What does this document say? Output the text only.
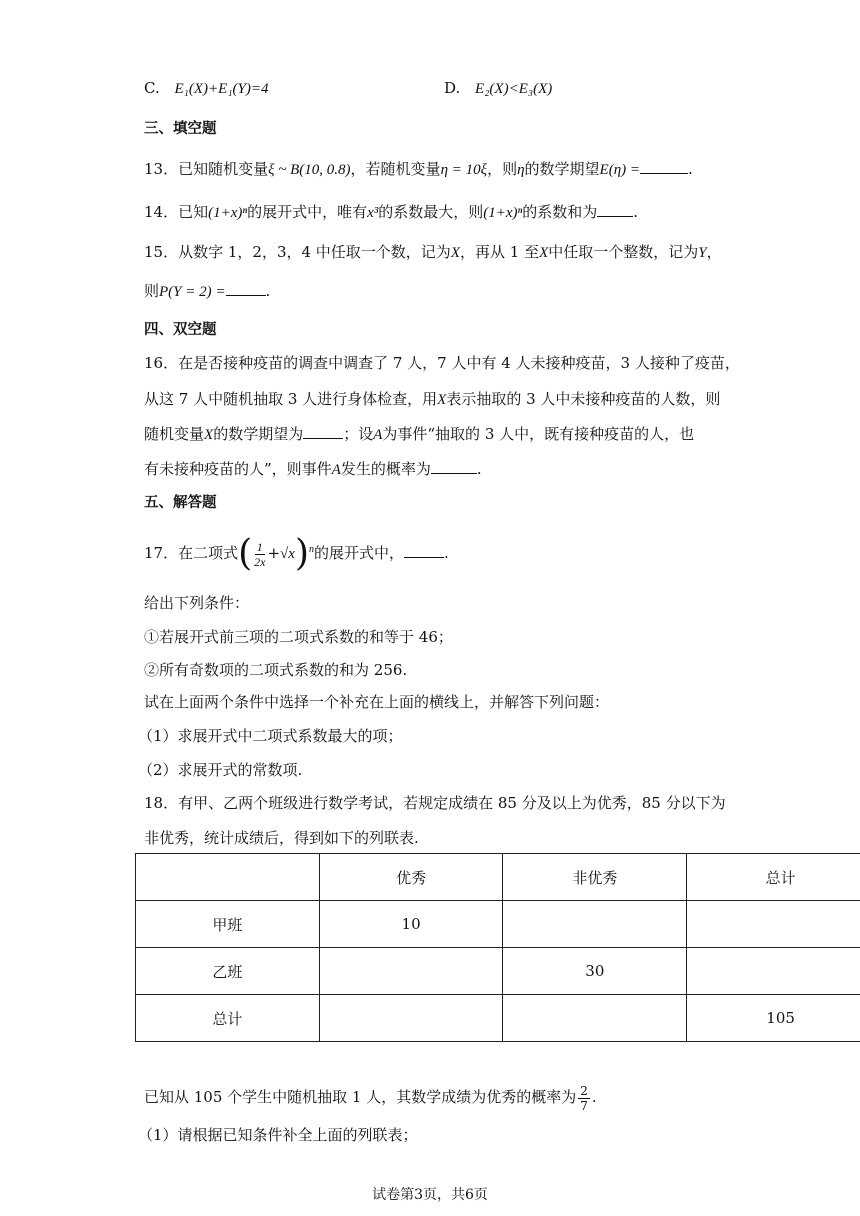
C. E₁(X)+E₁(Y)=4	D. E₂(X)<E₃(X)
三、填空题
13．已知随机变量ξ ~ B(10, 0.8)，若随机变量η = 10ξ，则η的数学期望E(η) =	.
14．已知(1+x)ⁿ的展开式中，唯有x³的系数最大，则(1+x)ⁿ的系数和为 .
15．从数字 1，2，3，4 中任取一个数，记为X，再从 1 至X中任取一个整数，记为Y，
则P(Y = 2) =	.
四、双空题
16．在是否接种疫苗的调查中调查了 7 人，7 人中有 4 人未接种疫苗，3 人接种了疫苗，
从这 7 人中随机抽取 3 人进行身体检查，用X表示抽取的 3 人中未接种疫苗的人数，则
随机变量X的数学期望为	；设A为事件“抽取的 3 人中，既有接种疫苗的人，也
有未接种疫苗的人”，则事件A发生的概率为	.
五、解答题
17．在二项式( $\frac{1}{2x} +√x)^n$的展开式中，	.
给出下列条件：
①若展开式前三项的二项式系数的和等于 46；
②所有奇数项的二项式系数的和为 256.
试在上面两个条件中选择一个补充在上面的横线上，并解答下列问题：
（1）求展开式中二项式系数最大的项；
（2）求展开式的常数项.
18．有甲、乙两个班级进行数学考试，若规定成绩在 85 分及以上为优秀，85 分以下为
非优秀，统计成绩后，得到如下的列联表.
	优秀	非优秀	总计
甲班	10		
乙班		30	
总计			105
已知从 105 个学生中随机抽取 1 人，其数学成绩为优秀的概率为 $\frac{2}{7}$ .
（1）请根据已知条件补全上面的列联表；
试卷第3页，共6页
